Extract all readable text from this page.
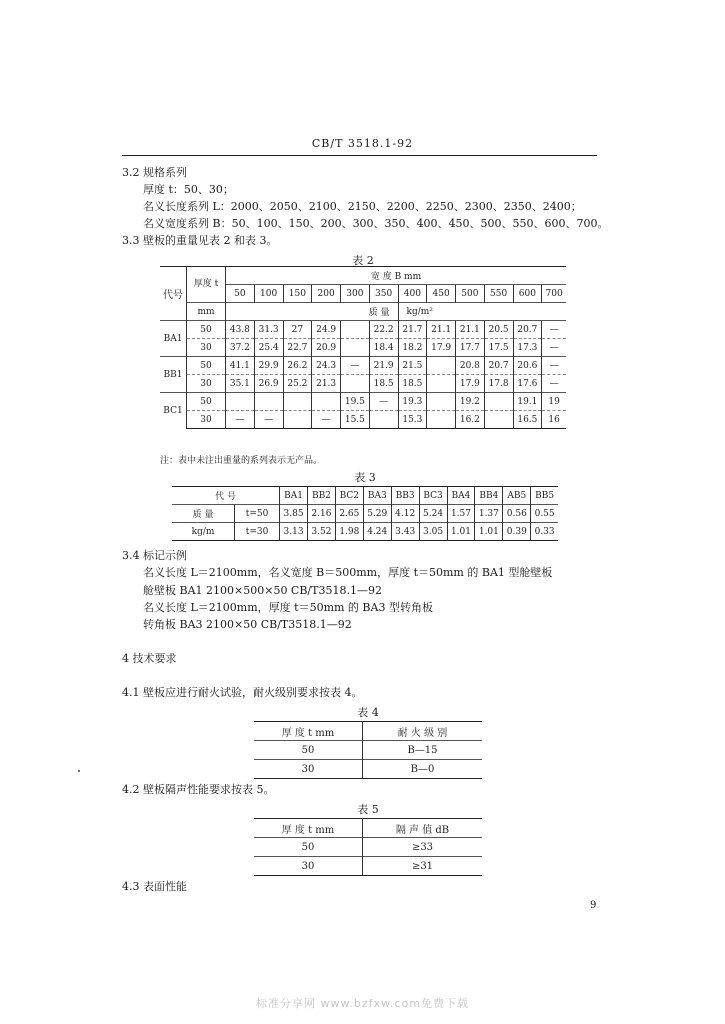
CB/T 3518.1-92
3.2 规格系列
厚度 t：50、30；
名义长度系列 L：2000、2050、2100、2150、2200、2250、2300、2350、2400；
名义宽度系列 B：50、100、150、200、300、350、400、450、500、550、600、700。
3.3 壁板的重量见表 2 和表 3。
表 2
代号	厚度 t	宽 度 B mm											
		50	100	150	200	300	350	400	450	500	550	600	700
	mm	质 量						kg/m²					
BA1	50	43.8	31.3	27	24.9		22.2	21.7	21.1	21.1	20.5	20.7	—
	30	37.2	25.4	22.7	20.9		18.4	18.2	17.9	17.7	17.5	17.3	—
BB1	50	41.1	29.9	26.2	24.3	—	21.9	21.5		20.8	20.7	20.6	—
	30	35.1	26.9	25.2	21.3		18.5	18.5		17.9	17.8	17.6	—
BC1	50					19.5	—	19.3		19.2		19.1	19
	30	—	—		—	15.5		15.3		16.2		16.5	16
注：表中未注出重量的系列表示无产品。
表 3
代 号		BA1	BB2	BC2	BA3	BB3	BC3	BA4	BB4	AB5	BB5
质 量	t=50	3.85	2.16	2.65	5.29	4.12	5.24	1.57	1.37	0.56	0.55
kg/m	t=30	3.13	3.52	1.98	4.24	3.43	3.05	1.01	1.01	0.39	0.33
3.4 标记示例
名义长度 L＝2100mm，名义宽度 B＝500mm，厚度 t＝50mm 的 BA1 型舱壁板
舱壁板 BA1 2100×500×50 CB/T3518.1—92
名义长度 L＝2100mm，厚度 t＝50mm 的 BA3 型转角板
转角板 BA3 2100×50 CB/T3518.1—92
4 技术要求
4.1 壁板应进行耐火试验，耐火级别要求按表 4。
表 4
厚 度 t mm	耐 火 级 别
50	B—15
30	B—0
4.2 壁板隔声性能要求按表 5。
表 5
厚 度 t mm	隔 声 值 dB
50	≥33
30	≥31
4.3 表面性能
9
标准分享网 www.bzfxw.com免费下载
